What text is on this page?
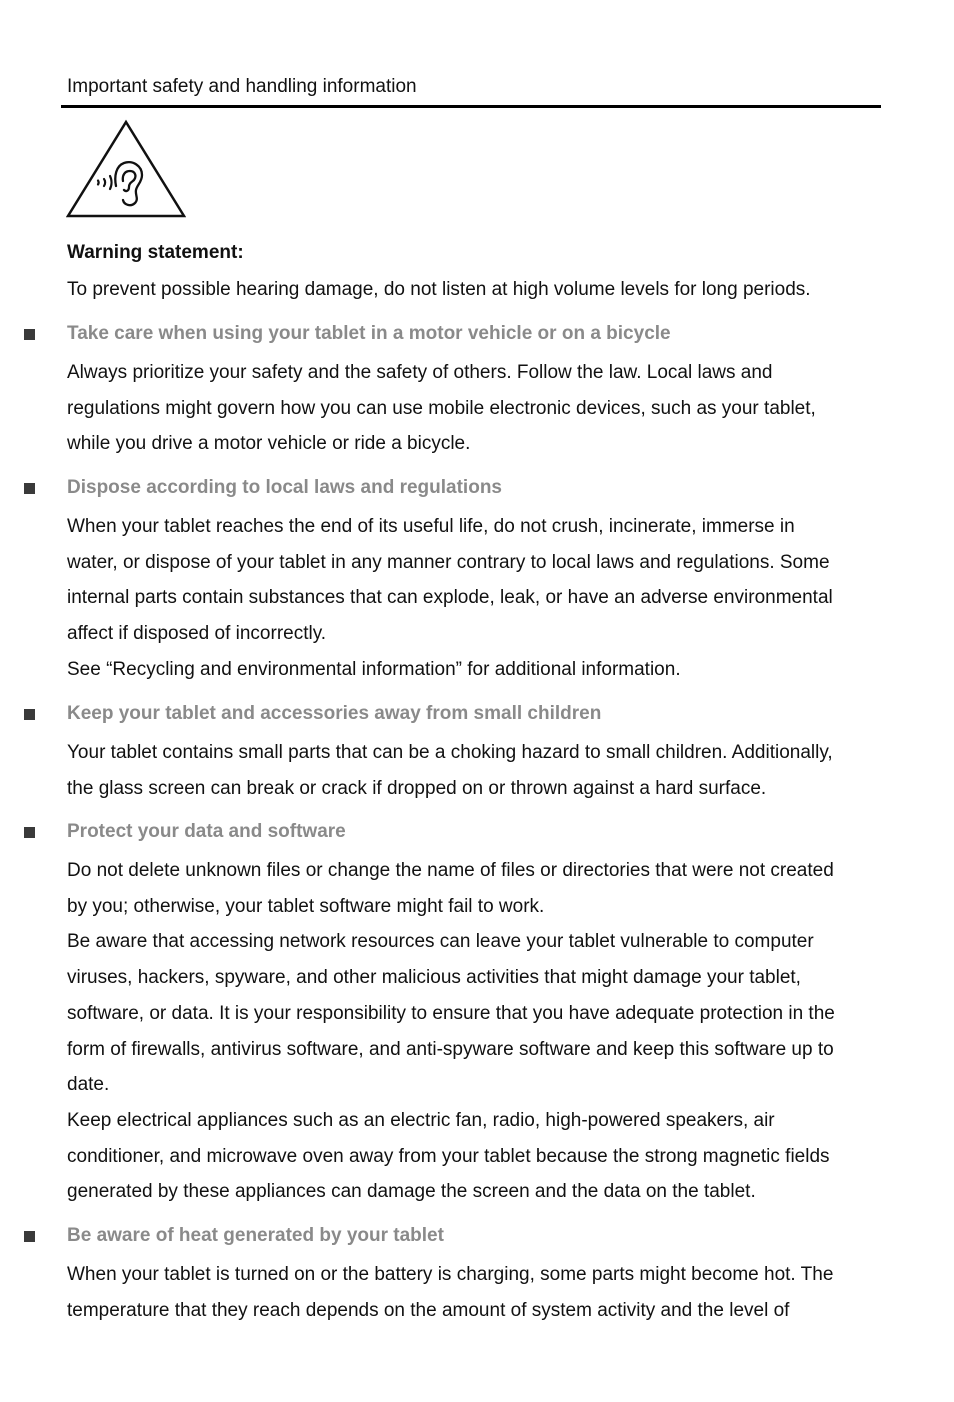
Important safety and handling information
Warning statement:

To prevent possible hearing damage, do not listen at high volume levels for long periods.

Take care when using your tablet in a motor vehicle or on a bicycle

Always prioritize your safety and the safety of others. Follow the law. Local laws and

regulations might govern how you can use mobile electronic devices, such as your tablet,

while you drive a motor vehicle or ride a bicycle.

Dispose according to local laws and regulations

When your tablet reaches the end of its useful life, do not crush, incinerate, immerse in

water, or dispose of your tablet in any manner contrary to local laws and regulations. Some

internal parts contain substances that can explode, leak, or have an adverse environmental

affect if disposed of incorrectly.

See “Recycling and environmental information” for additional information.

Keep your tablet and accessories away from small children

Your tablet contains small parts that can be a choking hazard to small children. Additionally,

the glass screen can break or crack if dropped on or thrown against a hard surface.

Protect your data and software

Do not delete unknown files or change the name of files or directories that were not created

by you; otherwise, your tablet software might fail to work.

Be aware that accessing network resources can leave your tablet vulnerable to computer

viruses, hackers, spyware, and other malicious activities that might damage your tablet,

software, or data. It is your responsibility to ensure that you have adequate protection in the

form of firewalls, antivirus software, and anti-spyware software and keep this software up to

date.

Keep electrical appliances such as an electric fan, radio, high-powered speakers, air

conditioner, and microwave oven away from your tablet because the strong magnetic fields

generated by these appliances can damage the screen and the data on the tablet.

Be aware of heat generated by your tablet

When your tablet is turned on or the battery is charging, some parts might become hot. The

temperature that they reach depends on the amount of system activity and the level of
